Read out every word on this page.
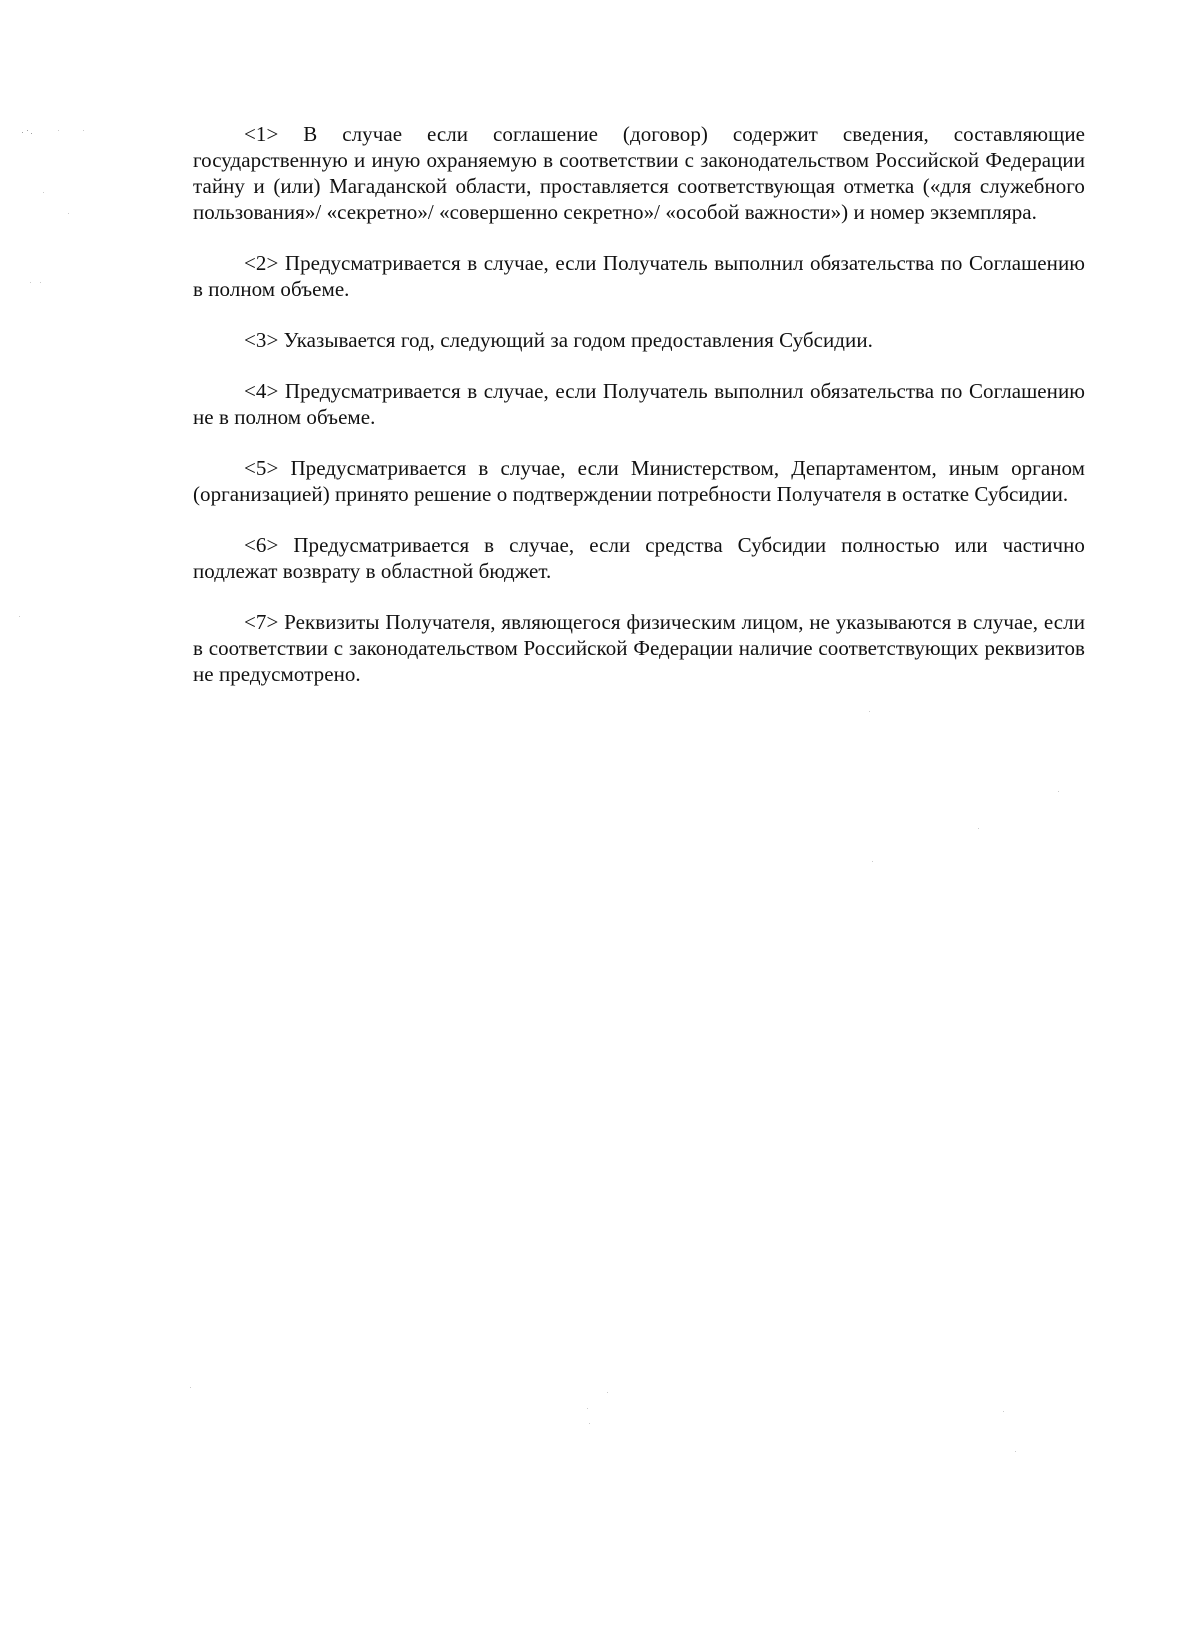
<1> В случае если соглашение (договор) содержит сведения, составляющие государственную и иную охраняемую в соответствии с законодательством Российской Федерации тайну и (или) Магаданской области, проставляется соответствующая отметка («для служебного пользования»/ «секретно»/ «совершенно секретно»/ «особой важности») и номер экземпляра.

<2> Предусматривается в случае, если Получатель выполнил обязательства по Соглашению в полном объеме.

<3> Указывается год, следующий за годом предоставления Субсидии.

<4> Предусматривается в случае, если Получатель выполнил обязательства по Соглашению не в полном объеме.

<5> Предусматривается в случае, если Министерством, Департаментом, иным органом (организацией) принято решение о подтверждении потребности Получателя в остатке Субсидии.

<6> Предусматривается в случае, если средства Субсидии полностью или частично подлежат возврату в областной бюджет.

<7> Реквизиты Получателя, являющегося физическим лицом, не указываются в случае, если в соответствии с законодательством Российской Федерации наличие соответствующих реквизитов не предусмотрено.
